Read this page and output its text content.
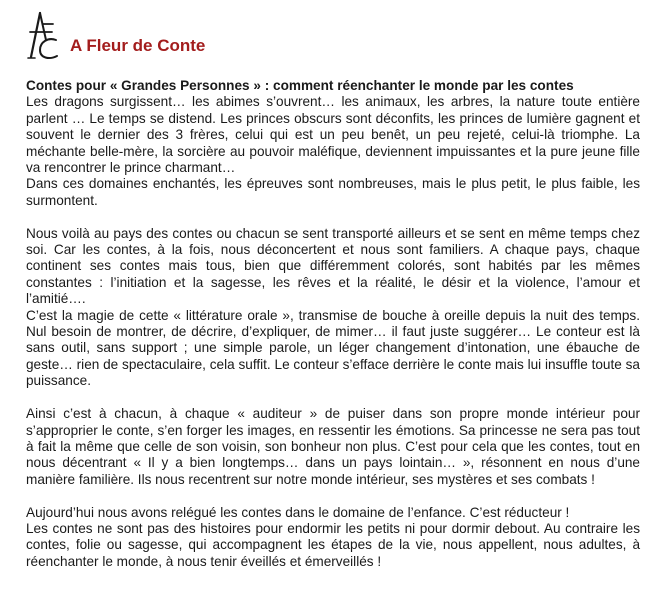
A Fleur de Conte
Contes pour « Grandes Personnes » : comment réenchanter le monde par les contes

Les dragons surgissent… les abimes s’ouvrent… les animaux, les arbres, la nature toute entière parlent … Le temps se distend. Les princes obscurs sont déconfits, les princes de lumière gagnent et souvent le dernier des 3 frères, celui qui est un peu benêt, un peu rejeté, celui-là triomphe. La méchante belle-mère, la sorcière au pouvoir maléfique, deviennent impuissantes et la pure jeune fille va rencontrer le prince charmant…

Dans ces domaines enchantés, les épreuves sont nombreuses, mais le plus petit, le plus faible, les surmontent.

Nous voilà au pays des contes ou chacun se sent transporté ailleurs et se sent en même temps chez soi. Car les contes, à la fois, nous déconcertent et nous sont familiers. A chaque pays, chaque continent ses contes mais tous, bien que différemment colorés, sont habités par les mêmes constantes : l’initiation et la sagesse, les rêves et la réalité, le désir et la violence, l’amour et l’amitié….

C’est la magie de cette « littérature orale », transmise de bouche à oreille depuis la nuit des temps. Nul besoin de montrer, de décrire, d’expliquer, de mimer… il faut juste suggérer… Le conteur est là sans outil, sans support ; une simple parole, un léger changement d’intonation, une ébauche de geste… rien de spectaculaire, cela suffit. Le conteur s’efface derrière le conte mais lui insuffle toute sa puissance.

Ainsi c’est à chacun, à chaque « auditeur » de puiser dans son propre monde intérieur pour s’approprier le conte, s’en forger les images, en ressentir les émotions. Sa princesse ne sera pas tout à fait la même que celle de son voisin, son bonheur non plus. C’est pour cela que les contes, tout en nous décentrant « Il y a bien longtemps… dans un pays lointain… », résonnent en nous d’une manière familière. Ils nous recentrent sur notre monde intérieur, ses mystères et ses combats !

Aujourd’hui nous avons relégué les contes dans le domaine de l’enfance. C’est réducteur !

Les contes ne sont pas des histoires pour endormir les petits ni pour dormir debout. Au contraire les contes, folie ou sagesse, qui accompagnent les étapes de la vie, nous appellent, nous adultes, à réenchanter le monde, à nous tenir éveillés et émerveillés !
